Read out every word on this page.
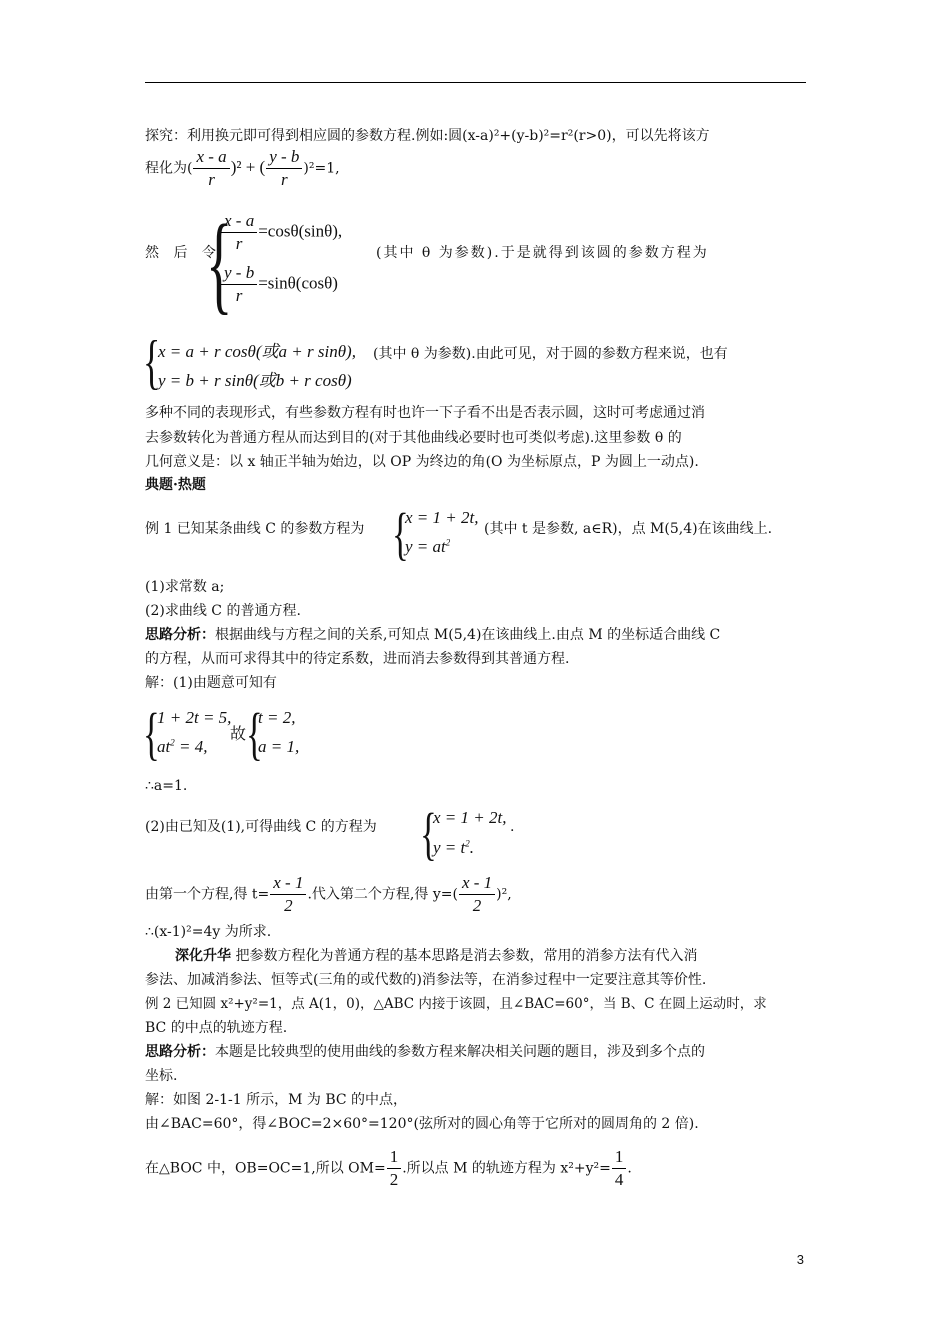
探究：利用换元即可得到相应圆的参数方程.例如:圆(x-a)²+(y-b)²=r²(r>0)，可以先将该方
程化为( $\frac{x - a}{r} )^2$ + ( $\frac{y - b}{r} )^2=1$,
然 后 令
{
$\frac{x - a}{r} =\cos\theta(\sin\theta)$,
$\frac{y - b}{r} =\sin\theta(\cos\theta)$
(其中 θ 为参数).于是就得到该圆的参数方程为
{
x = a + r cosθ(或a + r sinθ),
y = b + r sinθ(或b + r cosθ)
(其中 θ 为参数).由此可见，对于圆的参数方程来说，也有
多种不同的表现形式，有些参数方程有时也许一下子看不出是否表示圆，这时可考虑通过消
去参数转化为普通方程从而达到目的(对于其他曲线必要时也可类似考虑).这里参数 θ 的
几何意义是：以 x 轴正半轴为始边，以 OP 为终边的角(O 为坐标原点，P 为圆上一动点).
典题·热题
例 1 已知某条曲线 C 的参数方程为 {
x = 1 + 2t,
$y = at^2$
(其中 t 是参数, a∈R)，点 M(5,4)在该曲线上.
(1)求常数 a;
(2)求曲线 C 的普通方程.
思路分析：根据曲线与方程之间的关系,可知点 M(5,4)在该曲线上.由点 M 的坐标适合曲线 C
的方程，从而可求得其中的待定系数，进而消去参数得到其普通方程.
解：(1)由题意可知有
{
1 + 2t = 5,
$at^2 = 4$,
故 {
t = 2,
a = 1,
∴a=1.
(2)由已知及(1),可得曲线 C 的方程为 {
x = 1 + 2t,
$y = t^2$.
.
由第一个方程,得 $t= \frac{x - 1}{2}$ .代入第二个方程,得 $y=( \frac{x - 1}{2} )^2$,
∴(x-1)²=4y 为所求.
深化升华 把参数方程化为普通方程的基本思路是消去参数，常用的消参方法有代入消
参法、加减消参法、恒等式(三角的或代数的)消参法等，在消参过程中一定要注意其等价性.
例 2 已知圆 x²+y²=1，点 A(1，0)，△ABC 内接于该圆，且∠BAC=60°，当 B、C 在圆上运动时，求
BC 的中点的轨迹方程.
思路分析：本题是比较典型的使用曲线的参数方程来解决相关问题的题目，涉及到多个点的
坐标.
解：如图 2-1-1 所示，M 为 BC 的中点，
由∠BAC=60°，得∠BOC=2×60°=120°(弦所对的圆心角等于它所对的圆周角的 2 倍).
在△BOC 中，OB=OC=1,所以 $OM= \frac{1}{2}$ .所以点 M 的轨迹方程为 $x^2+y^2= \frac{1}{4}$ .
3
